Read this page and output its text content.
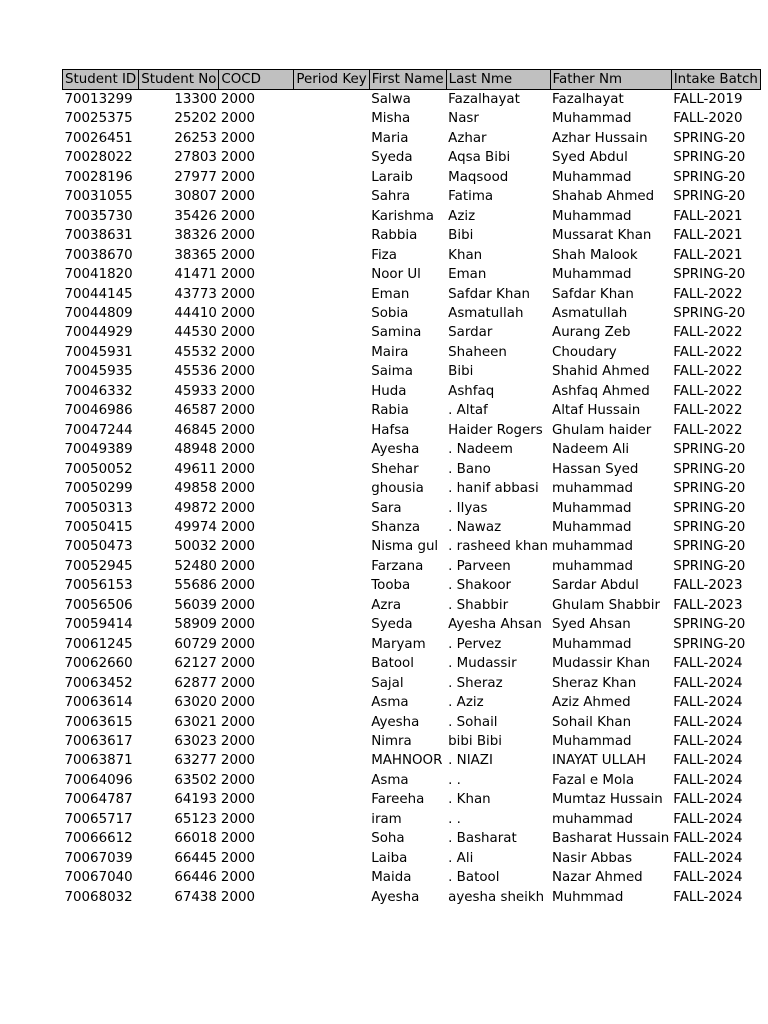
Student ID	Student No	COCD	Period Key	First Name	Last Nme	Father Nm	Intake Batch
70013299	13300	2000		Salwa	Fazalhayat	Fazalhayat	FALL-2019
70025375	25202	2000		Misha	Nasr	Muhammad	FALL-2020
70026451	26253	2000		Maria	Azhar	Azhar Hussain	SPRING-20
70028022	27803	2000		Syeda	Aqsa Bibi	Syed Abdul	SPRING-20
70028196	27977	2000		Laraib	Maqsood	Muhammad	SPRING-20
70031055	30807	2000		Sahra	Fatima	Shahab Ahmed	SPRING-20
70035730	35426	2000		Karishma	Aziz	Muhammad	FALL-2021
70038631	38326	2000		Rabbia	Bibi	Mussarat Khan	FALL-2021
70038670	38365	2000		Fiza	Khan	Shah Malook	FALL-2021
70041820	41471	2000		Noor Ul	Eman	Muhammad	SPRING-20
70044145	43773	2000		Eman	Safdar Khan	Safdar Khan	FALL-2022
70044809	44410	2000		Sobia	Asmatullah	Asmatullah	SPRING-20
70044929	44530	2000		Samina	Sardar	Aurang Zeb	FALL-2022
70045931	45532	2000		Maira	Shaheen	Choudary	FALL-2022
70045935	45536	2000		Saima	Bibi	Shahid Ahmed	FALL-2022
70046332	45933	2000		Huda	Ashfaq	Ashfaq Ahmed	FALL-2022
70046986	46587	2000		Rabia	. Altaf	Altaf Hussain	FALL-2022
70047244	46845	2000		Hafsa	Haider Rogers	Ghulam haider	FALL-2022
70049389	48948	2000		Ayesha	. Nadeem	Nadeem Ali	SPRING-20
70050052	49611	2000		Shehar	. Bano	Hassan Syed	SPRING-20
70050299	49858	2000		ghousia	. hanif abbasi	muhammad	SPRING-20
70050313	49872	2000		Sara	. Ilyas	Muhammad	SPRING-20
70050415	49974	2000		Shanza	. Nawaz	Muhammad	SPRING-20
70050473	50032	2000		Nisma gul	. rasheed khan	muhammad	SPRING-20
70052945	52480	2000		Farzana	. Parveen	muhammad	SPRING-20
70056153	55686	2000		Tooba	. Shakoor	Sardar Abdul	FALL-2023
70056506	56039	2000		Azra	. Shabbir	Ghulam Shabbir	FALL-2023
70059414	58909	2000		Syeda	Ayesha Ahsan	Syed Ahsan	SPRING-20
70061245	60729	2000		Maryam	. Pervez	Muhammad	SPRING-20
70062660	62127	2000		Batool	. Mudassir	Mudassir Khan	FALL-2024
70063452	62877	2000		Sajal	. Sheraz	Sheraz Khan	FALL-2024
70063614	63020	2000		Asma	. Aziz	Aziz Ahmed	FALL-2024
70063615	63021	2000		Ayesha	. Sohail	Sohail Khan	FALL-2024
70063617	63023	2000		Nimra	bibi Bibi	Muhammad	FALL-2024
70063871	63277	2000		MAHNOOR	. NIAZI	INAYAT ULLAH	FALL-2024
70064096	63502	2000		Asma	. .	Fazal e Mola	FALL-2024
70064787	64193	2000		Fareeha	. Khan	Mumtaz Hussain	FALL-2024
70065717	65123	2000		iram	. .	muhammad	FALL-2024
70066612	66018	2000		Soha	. Basharat	Basharat Hussain	FALL-2024
70067039	66445	2000		Laiba	. Ali	Nasir Abbas	FALL-2024
70067040	66446	2000		Maida	. Batool	Nazar Ahmed	FALL-2024
70068032	67438	2000		Ayesha	ayesha sheikh	Muhmmad	FALL-2024
